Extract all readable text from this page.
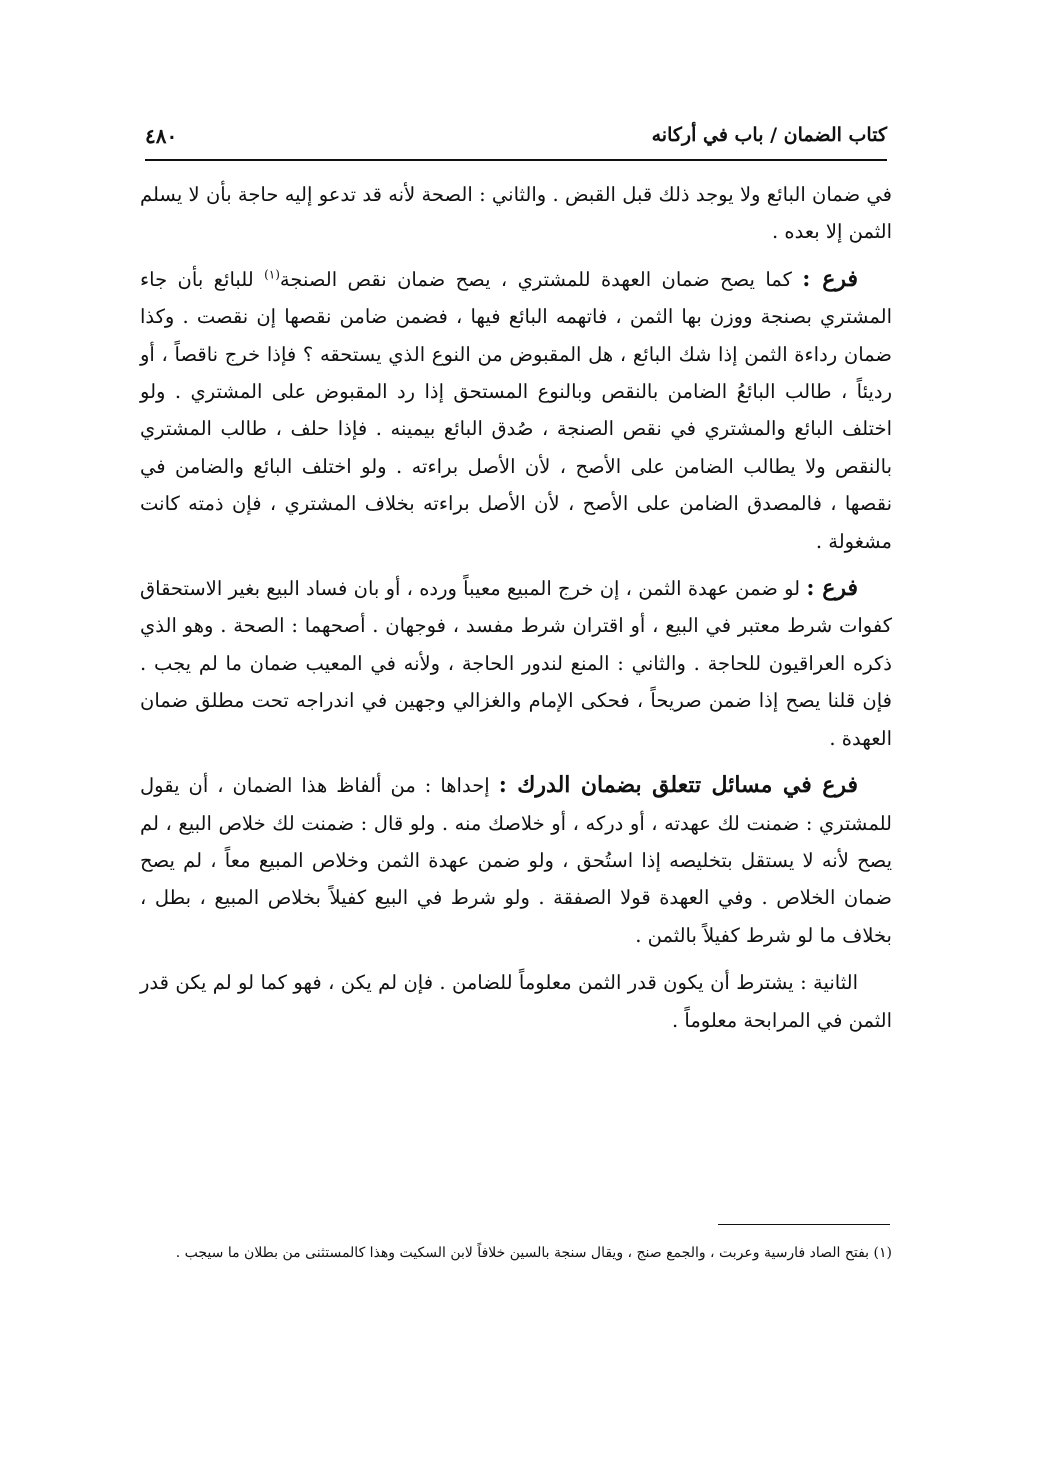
كتاب الضمان / باب في أركانه
٤٨٠

في ضمان البائع ولا يوجد ذلك قبل القبض . والثاني : الصحة لأنه قد تدعو إليه حاجة بأن لا يسلم الثمن إلا بعده .

فرع : كما يصح ضمان العهدة للمشتري ، يصح ضمان نقص الصنجة$^{(١)}$ للبائع بأن جاء المشتري بصنجة ووزن بها الثمن ، فاتهمه البائع فيها ، فضمن ضامن نقصها إن نقصت . وكذا ضمان رداءة الثمن إذا شك البائع ، هل المقبوض من النوع الذي يستحقه ؟ فإذا خرج ناقصاً ، أو رديئاً ، طالب البائعُ الضامن بالنقص وبالنوع المستحق إذا رد المقبوض على المشتري . ولو اختلف البائع والمشتري في نقص الصنجة ، صُدق البائع بيمينه . فإذا حلف ، طالب المشتري بالنقص ولا يطالب الضامن على الأصح ، لأن الأصل براءته . ولو اختلف البائع والضامن في نقصها ، فالمصدق الضامن على الأصح ، لأن الأصل براءته بخلاف المشتري ، فإن ذمته كانت مشغولة .

فرع : لو ضمن عهدة الثمن ، إن خرج المبيع معيباً ورده ، أو بان فساد البيع بغير الاستحقاق كفوات شرط معتبر في البيع ، أو اقتران شرط مفسد ، فوجهان . أصحهما : الصحة . وهو الذي ذكره العراقيون للحاجة . والثاني : المنع لندور الحاجة ، ولأنه في المعيب ضمان ما لم يجب . فإن قلنا يصح إذا ضمن صريحاً ، فحكى الإمام والغزالي وجهين في اندراجه تحت مطلق ضمان العهدة .

فرع في مسائل تتعلق بضمان الدرك : إحداها : من ألفاظ هذا الضمان ، أن يقول للمشتري : ضمنت لك عهدته ، أو دركه ، أو خلاصك منه . ولو قال : ضمنت لك خلاص البيع ، لم يصح لأنه لا يستقل بتخليصه إذا استُحق ، ولو ضمن عهدة الثمن وخلاص المبيع معاً ، لم يصح ضمان الخلاص . وفي العهدة قولا الصفقة . ولو شرط في البيع كفيلاً بخلاص المبيع ، بطل ، بخلاف ما لو شرط كفيلاً بالثمن .

الثانية : يشترط أن يكون قدر الثمن معلوماً للضامن . فإن لم يكن ، فهو كما لو لم يكن قدر الثمن في المرابحة معلوماً .

(١) بفتح الصاد فارسية وعربت ، والجمع صنج ، ويقال سنجة بالسين خلافاً لابن السكيت وهذا كالمستثنى من بطلان ما سيجب .
